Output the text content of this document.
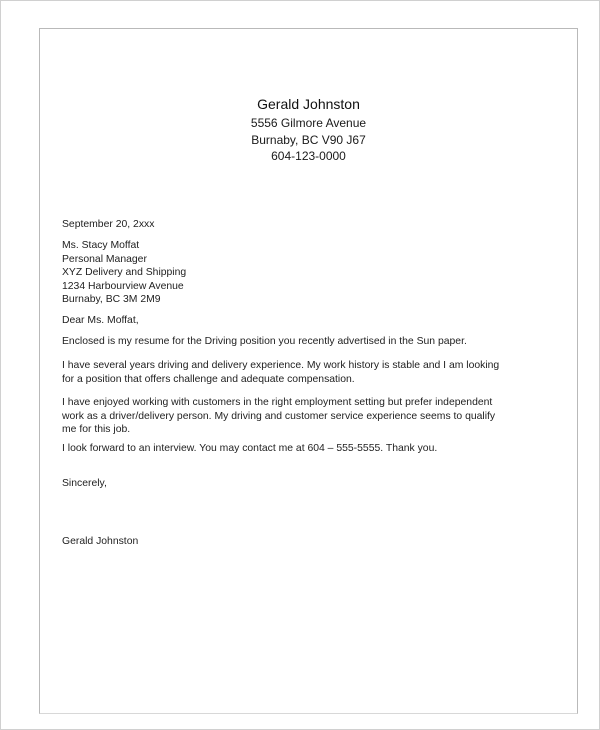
Gerald Johnston
5556 Gilmore Avenue
Burnaby, BC V90 J67
604-123-0000
September 20, 2xxx
Ms. Stacy Moffat
Personal Manager
XYZ Delivery and Shipping
1234 Harbourview Avenue
Burnaby, BC 3M 2M9
Dear Ms. Moffat,
Enclosed is my resume for the Driving position you recently advertised in the Sun paper.
I have several years driving and delivery experience. My work history is stable and I am looking
for a position that offers challenge and adequate compensation.
I have enjoyed working with customers in the right employment setting but prefer independent
work as a driver/delivery person. My driving and customer service experience seems to qualify
me for this job.
I look forward to an interview. You may contact me at 604 – 555-5555. Thank you.
Sincerely,
Gerald Johnston
